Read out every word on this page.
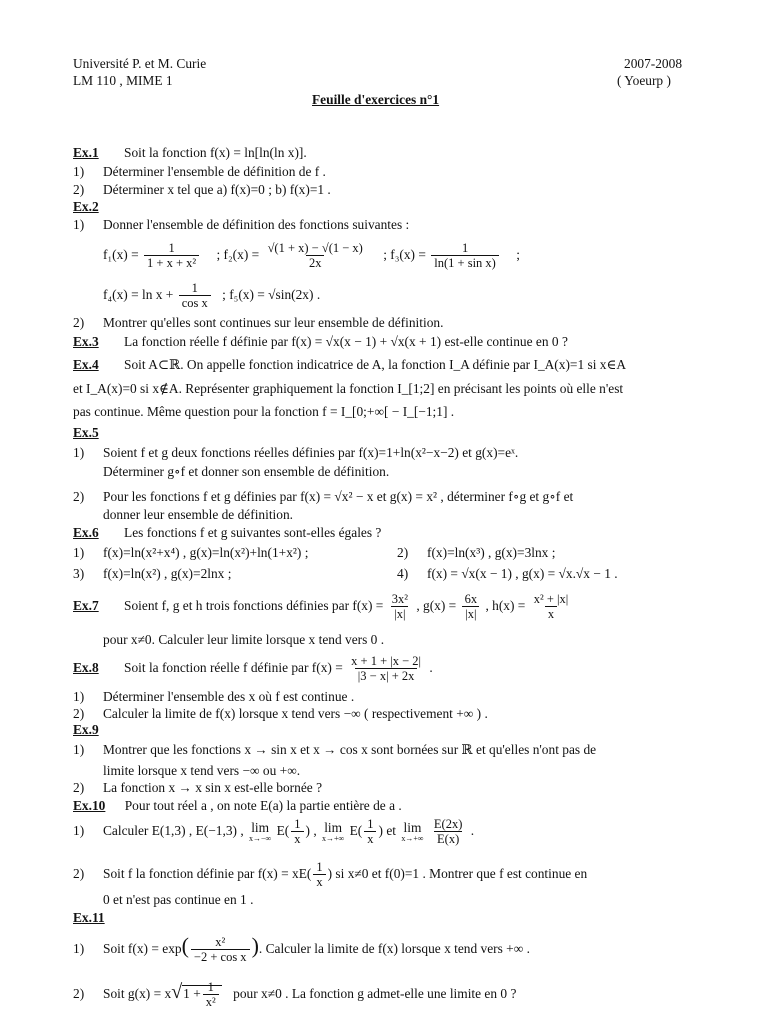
Université P. et M. Curie
LM 110 , MIME 1
2007-2008
( Yoeurp )
Feuille d'exercices n°1
Ex.1 Soit la fonction f(x) = ln[ln(ln x)].
1) Déterminer l'ensemble de définition de f .
2) Déterminer x tel que a) f(x)=0 ; b) f(x)=1 .
Ex.2
1) Donner l'ensemble de définition des fonctions suivantes :
$f_1(x) = \frac{1}{\text{1 + x + x²}}$ ; $f_2(x) = \frac{√(1 + x) - √(1 - x)}{2x}$ ; $f_3(x) = \frac{1}{\text{ln(1 + sin x)}}$ ;
$f_4(x) = \ln x + \frac{1}{\text{cos x}}$ ; f₅(x) = √sin(2x) .
2) Montrer qu'elles sont continues sur leur ensemble de définition.
Ex.3 La fonction réelle f définie par f(x) = √x(x − 1) + √x(x + 1) est-elle continue en 0 ?
Ex.4 Soit A⊂ℝ. On appelle fonction indicatrice de A, la fonction I_A définie par I_A(x)=1 si x∈A
et I_A(x)=0 si x∉A. Représenter graphiquement la fonction I_[1;2] en précisant les points où elle n'est
pas continue. Même question pour la fonction f = I_[0;+∞[ − I_[−1;1] .
Ex.5
1) Soient f et g deux fonctions réelles définies par f(x)=1+ln(x²−x−2) et g(x)=eˣ.
Déterminer g∘f et donner son ensemble de définition.
2) Pour les fonctions f et g définies par f(x) = √x² − x et g(x) = x² , déterminer f∘g et g∘f et
donner leur ensemble de définition.
Ex.6 Les fonctions f et g suivantes sont-elles égales ?
1) f(x)=ln(x²+x⁴) , g(x)=ln(x²)+ln(1+x²) ;	2) f(x)=ln(x³) , g(x)=3lnx ;
3) f(x)=ln(x²) , g(x)=2lnx ;	4) f(x) = √x(x − 1) , g(x) = √x.√x − 1 .
Ex.7 Soient f, g et h trois fonctions définies par $f(x) = \frac{\text{3x²}}{|x|}$ , $g(x) = \frac{6x}{|x|}$ , $h(x) = \frac{\text{x² + |x|}}{x}$
pour x≠0. Calculer leur limite lorsque x tend vers 0 .
Ex.8 Soit la fonction réelle f définie par $f(x) = \frac{x + 1 + |x - 2|}{|3 - x| + 2x}$ .
1) Déterminer l'ensemble des x où f est continue .
2) Calculer la limite de f(x) lorsque x tend vers −∞ ( respectivement +∞ ) .
Ex.9
1) Montrer que les fonctions x → sin x et x → cos x sont bornées sur ℝ et qu'elles n'ont pas de
limite lorsque x tend vers −∞ ou +∞.
2) La fonction x → x sin x est-elle bornée ?
Ex.10 Pour tout réel a , on note E(a) la partie entière de a .
1) Calculer E(1,3) , E(−1,3) , lim
x→−∞
$E( \frac{1}{x}$ ) , lim
x→+∞
$E( \frac{1}{x}$ ) et lim
x→+∞
$\frac{E(2x)}{E(x)}$ .
2) Soit f la fonction définie par $f(x) = xE( \frac{1}{x}$ ) si x≠0 et f(0)=1 . Montrer que f est continue en
0 et n'est pas continue en 1 .
Ex.11
1) Soit $f(x) = \exp( \frac{\text{x²}}{\text{−2 + cos x}}$ ). Calculer la limite de f(x) lorsque x tend vers +∞ .
2) Soit $g(x) = x√1 + \frac{1}{\text{x²}}$ pour x≠0 . La fonction g admet-elle une limite en 0 ?
